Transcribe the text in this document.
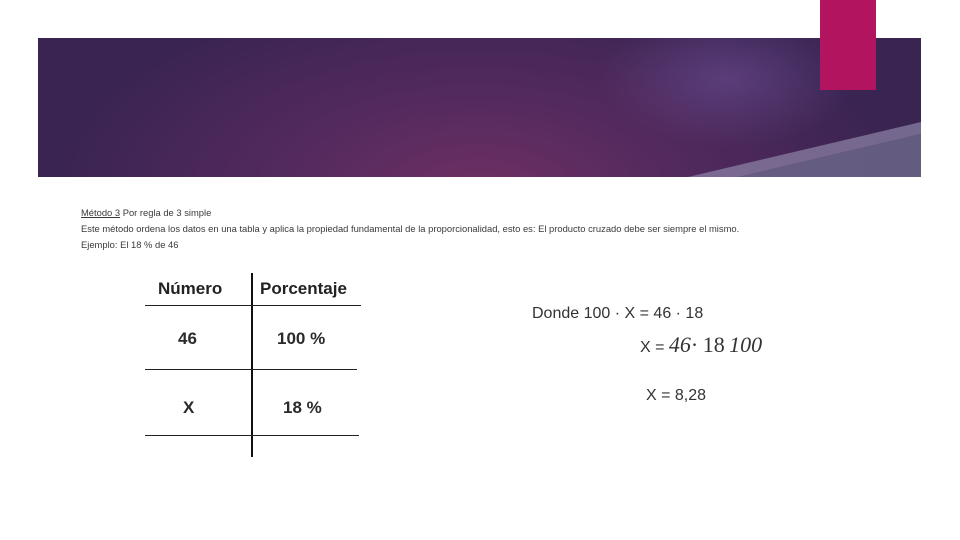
Método 3 Por regla de 3 simple
Este método ordena los datos en una tabla y aplica la propiedad fundamental de la proporcionalidad, esto es: El producto cruzado debe ser siempre el mismo.
Ejemplo: El 18 % de 46
Número Porcentaje
46	100 %
X	18 %
Donde 100 · X = 46 · 18
X = 46· 18 100
X = 8,28
